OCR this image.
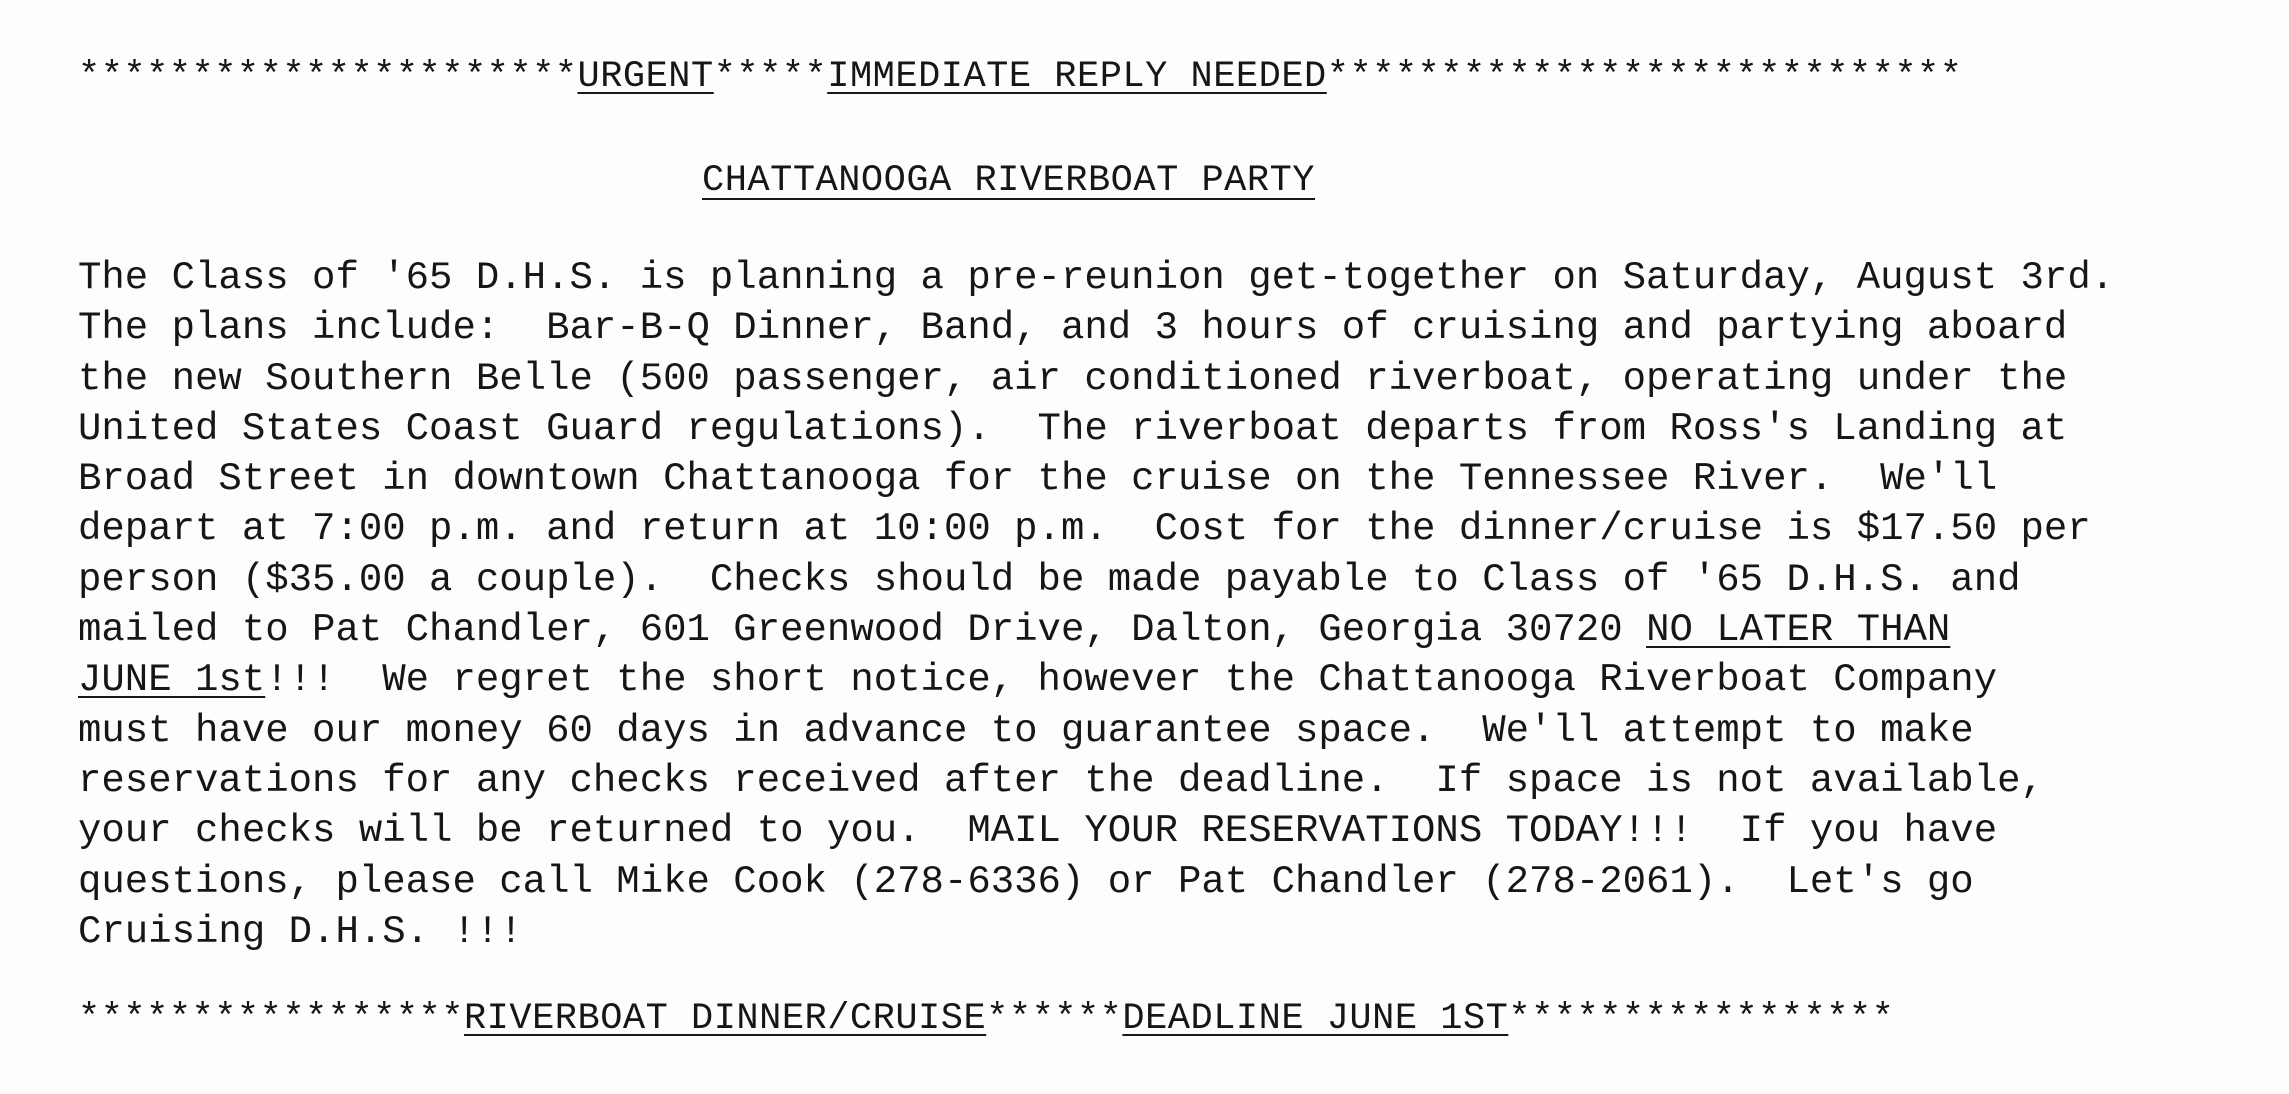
**********************URGENT*****IMMEDIATE REPLY NEEDED****************************
CHATTANOOGA RIVERBOAT PARTY
The Class of '65 D.H.S. is planning a pre-reunion get-together on Saturday, August 3rd.
The plans include:  Bar-B-Q Dinner, Band, and 3 hours of cruising and partying aboard
the new Southern Belle (500 passenger, air conditioned riverboat, operating under the
United States Coast Guard regulations).  The riverboat departs from Ross's Landing at
Broad Street in downtown Chattanooga for the cruise on the Tennessee River.  We'll
depart at 7:00 p.m. and return at 10:00 p.m.  Cost for the dinner/cruise is $17.50 per
person ($35.00 a couple).  Checks should be made payable to Class of '65 D.H.S. and
mailed to Pat Chandler, 601 Greenwood Drive, Dalton, Georgia 30720 NO LATER THAN
JUNE 1st!!!  We regret the short notice, however the Chattanooga Riverboat Company
must have our money 60 days in advance to guarantee space.  We'll attempt to make
reservations for any checks received after the deadline.  If space is not available,
your checks will be returned to you.  MAIL YOUR RESERVATIONS TODAY!!!  If you have
questions, please call Mike Cook (278-6336) or Pat Chandler (278-2061).  Let's go
Cruising D.H.S. !!!
*****************RIVERBOAT DINNER/CRUISE******DEADLINE JUNE 1ST*****************
